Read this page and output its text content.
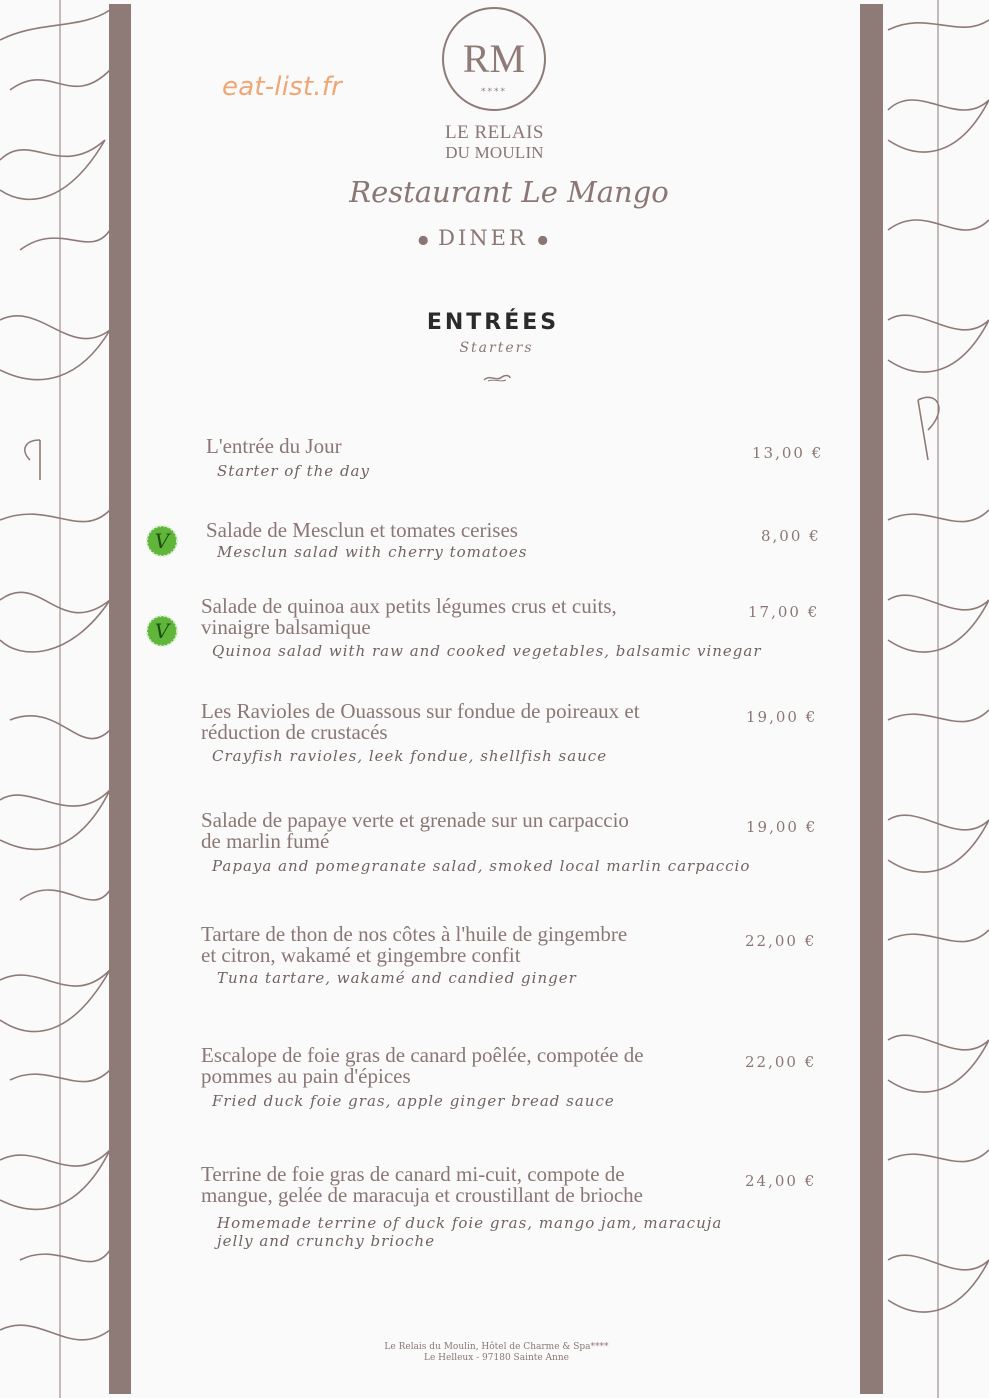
eat-list.fr
RM
****
LE RELAIS
DU MOULIN
Restaurant Le Mango
● DINER ●
ENTRÉES
Starters
L'entrée du Jour
Starter of the day
13,00 €
V Salade de Mesclun et tomates cerises
Mesclun salad with cherry tomatoes
8,00 €
V
Salade de quinoa aux petits légumes crus et cuits,
vinaigre balsamique
Quinoa salad with raw and cooked vegetables, balsamic vinegar
17,00 €
Les Ravioles de Ouassous sur fondue de poireaux et
réduction de crustacés
Crayfish ravioles, leek fondue, shellfish sauce
19,00 €
Salade de papaye verte et grenade sur un carpaccio
de marlin fumé
Papaya and pomegranate salad, smoked local marlin carpaccio
19,00 €
Tartare de thon de nos côtes à l'huile de gingembre
et citron, wakamé et gingembre confit
Tuna tartare, wakamé and candied ginger
22,00 €
Escalope de foie gras de canard poêlée, compotée de
pommes au pain d'épices
Fried duck foie gras, apple ginger bread sauce
22,00 €
Terrine de foie gras de canard mi-cuit, compote de
mangue, gelée de maracuja et croustillant de brioche
Homemade terrine of duck foie gras, mango jam, maracuja
jelly and crunchy brioche
24,00 €
Le Relais du Moulin, Hôtel de Charme & Spa****
Le Helleux - 97180 Sainte Anne
